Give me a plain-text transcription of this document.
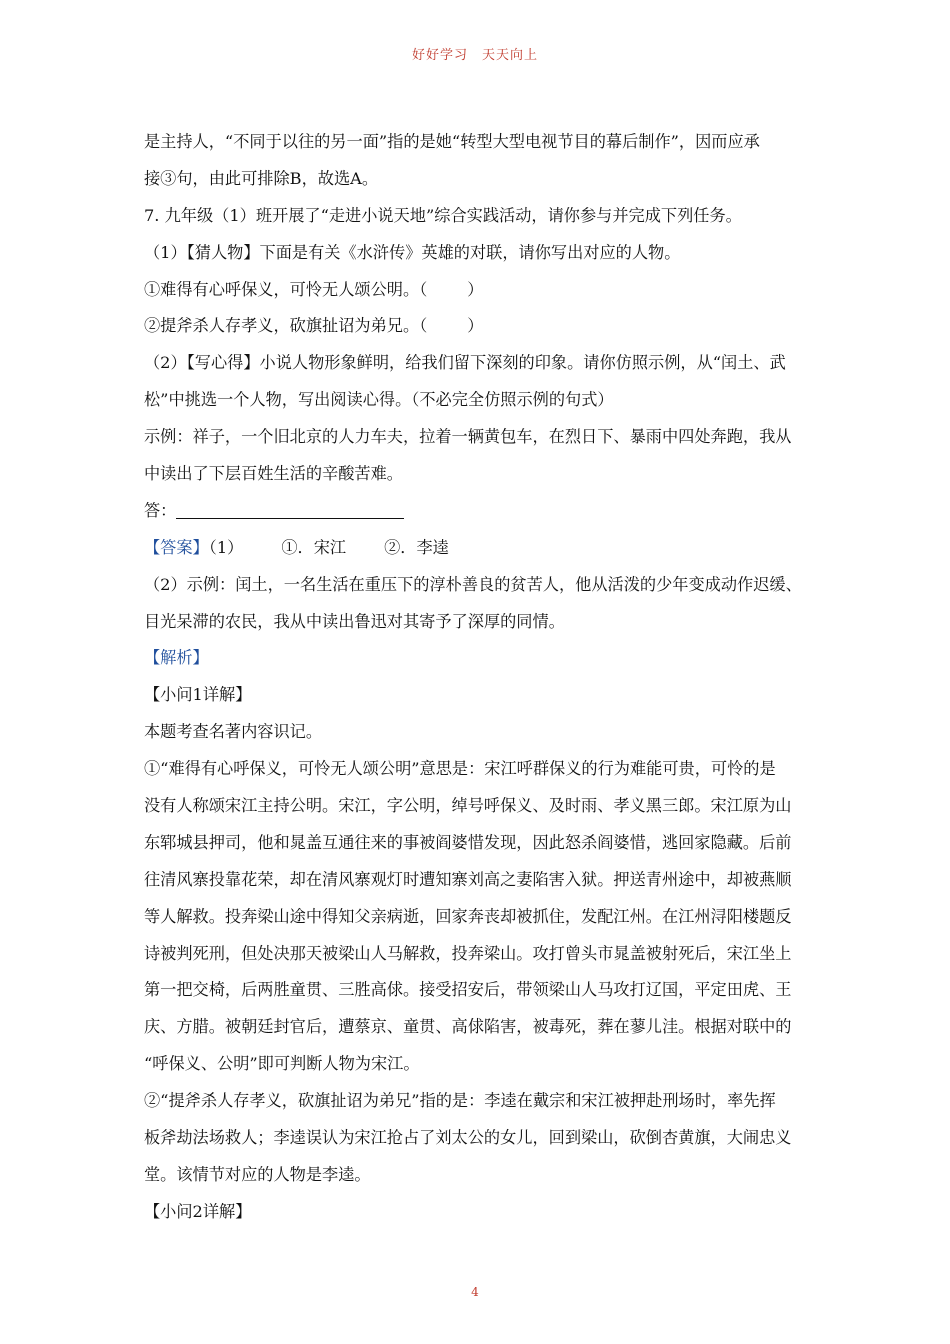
好好学习　天天向上
是主持人，“不同于以往的另一面”指的是她“转型大型电视节目的幕后制作”，因而应承
接③句，由此可排除B，故选A。
7. 九年级（1）班开展了“走进小说天地”综合实践活动，请你参与并完成下列任务。
（1）【猜人物】下面是有关《水浒传》英雄的对联，请你写出对应的人物。
①难得有心呼保义，可怜无人颂公明。（ ）
②提斧杀人存孝义，砍旗扯诏为弟兄。（ ）
（2）【写心得】小说人物形象鲜明，给我们留下深刻的印象。请你仿照示例，从“闰土、武
松”中挑选一个人物，写出阅读心得。（不必完全仿照示例的句式）
示例：祥子，一个旧北京的人力车夫，拉着一辆黄包车，在烈日下、暴雨中四处奔跑，我从
中读出了下层百姓生活的辛酸苦难。
答：
【答案】（1） ①．宋江 ②．李逵
（2）示例：闰土，一名生活在重压下的淳朴善良的贫苦人，他从活泼的少年变成动作迟缓、
目光呆滞的农民，我从中读出鲁迅对其寄予了深厚的同情。
【解析】
【小问1详解】
本题考查名著内容识记。
①“难得有心呼保义，可怜无人颂公明”意思是：宋江呼群保义的行为难能可贵，可怜的是
没有人称颂宋江主持公明。宋江，字公明，绰号呼保义、及时雨、孝义黑三郎。宋江原为山
东郓城县押司，他和晁盖互通往来的事被阎婆惜发现，因此怒杀阎婆惜，逃回家隐藏。后前
往清风寨投靠花荣，却在清风寨观灯时遭知寨刘高之妻陷害入狱。押送青州途中，却被燕顺
等人解救。投奔梁山途中得知父亲病逝，回家奔丧却被抓住，发配江州。在江州浔阳楼题反
诗被判死刑，但处决那天被梁山人马解救，投奔梁山。攻打曾头市晁盖被射死后，宋江坐上
第一把交椅，后两胜童贯、三胜高俅。接受招安后，带领梁山人马攻打辽国，平定田虎、王
庆、方腊。被朝廷封官后，遭蔡京、童贯、高俅陷害，被毒死，葬在蓼儿洼。根据对联中的
“呼保义、公明”即可判断人物为宋江。
②“提斧杀人存孝义，砍旗扯诏为弟兄”指的是：李逵在戴宗和宋江被押赴刑场时，率先挥
板斧劫法场救人；李逵误认为宋江抢占了刘太公的女儿，回到梁山，砍倒杏黄旗，大闹忠义
堂。该情节对应的人物是李逵。
【小问2详解】
4
